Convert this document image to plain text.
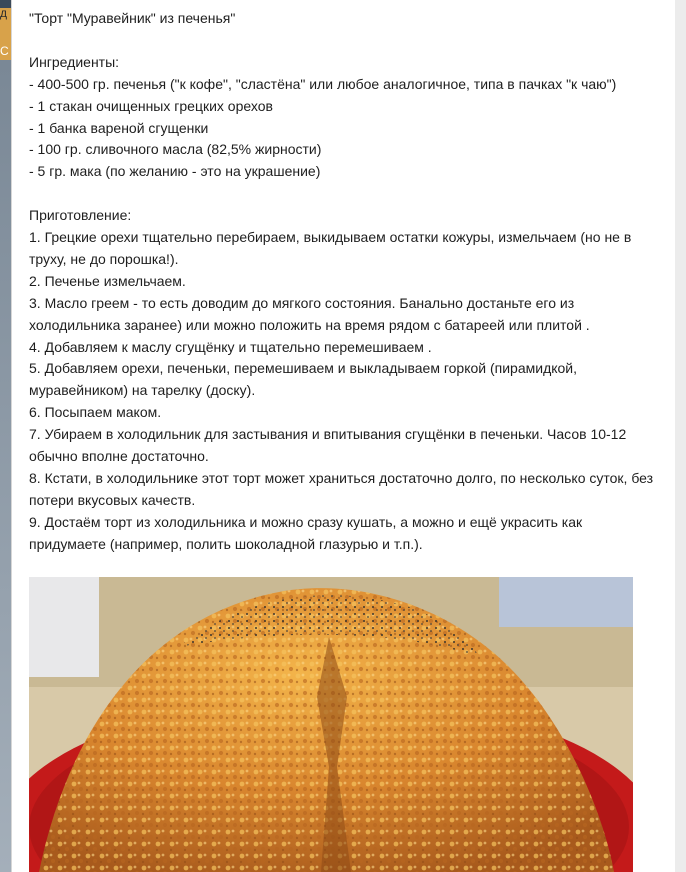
д
С

"Торт "Муравейник" из печенья"

Ингредиенты:

- 400-500 гр. печенья ("к кофе", "сластёна" или любое аналогичное, типа в пачках "к чаю")

- 1 стакан очищенных грецких орехов

- 1 банка вареной сгущенки

- 100 гр. сливочного масла (82,5% жирности)

- 5 гр. мака (по желанию - это на украшение)

Приготовление:

1. Грецкие орехи тщательно перебираем, выкидываем остатки кожуры, измельчаем (но не в труху, не до порошка!).

2. Печенье измельчаем.

3. Масло греем - то есть доводим до мягкого состояния. Банально достаньте его из холодильника заранее) или можно положить на время рядом с батареей или плитой .

4. Добавляем к маслу сгущёнку и тщательно перемешиваем .

5. Добавляем орехи, печеньки, перемешиваем и выкладываем горкой (пирамидкой, муравейником) на тарелку (доску).

6. Посыпаем маком.

7. Убираем в холодильник для застывания и впитывания сгущёнки в печеньки. Часов 10-12 обычно вполне достаточно.

8. Кстати, в холодильнике этот торт может храниться достаточно долго, по несколько суток, без потери вкусовых качеств.

9. Достаём торт из холодильника и можно сразу кушать, а можно и ещё украсить как придумаете (например, полить шоколадной глазурью и т.п.).
